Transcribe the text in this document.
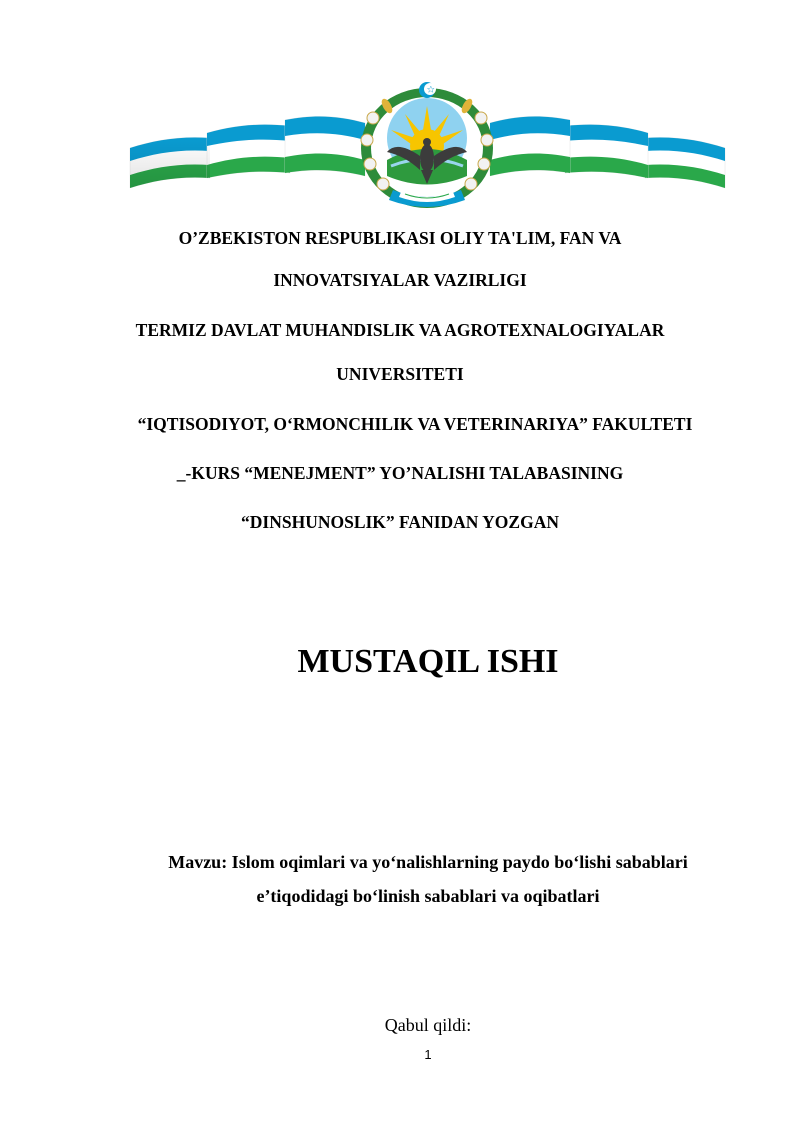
O’ZBEKISTON RESPUBLIKASI OLIY TA'LIM, FAN VA
INNOVATSIYALAR VAZIRLIGI
TERMIZ DAVLAT MUHANDISLIK VA AGROTEXNALOGIYALAR
UNIVERSITETI
“IQTISODIYOT, O‘RMONCHILIK VA VETERINARIYA” FAKULTETI
_-KURS “MENEJMENT” YO’NALISHI TALABASINING
“DINSHUNOSLIK” FANIDAN YOZGAN
MUSTAQIL ISHI
Mavzu: Islom oqimlari va yo‘nalishlarning paydo bo‘lishi sabablari
e’tiqodidagi bo‘linish sabablari va oqibatlari
Qabul qildi:
1
